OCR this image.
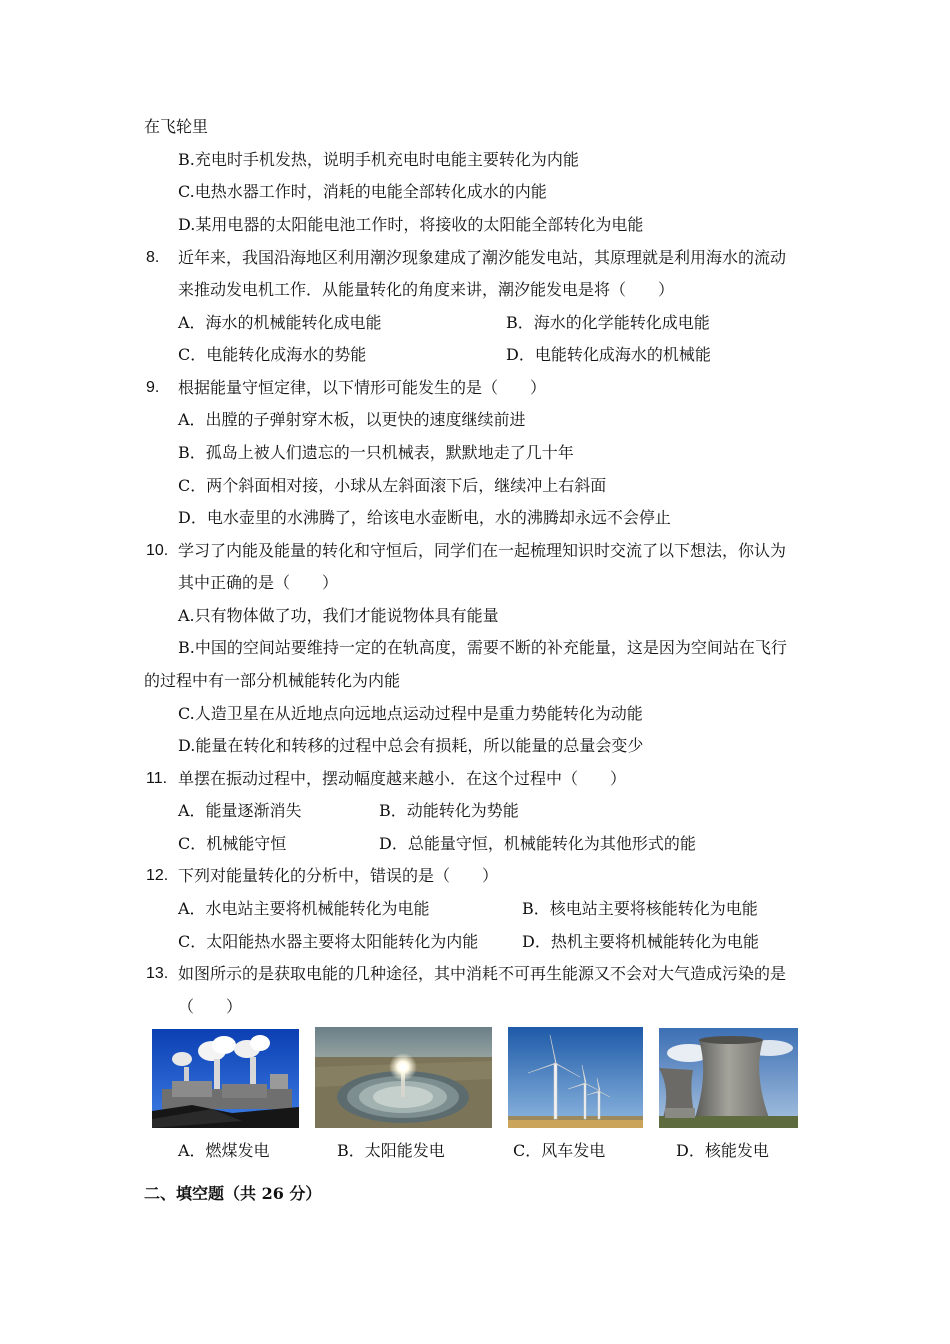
在飞轮里
B.充电时手机发热，说明手机充电时电能主要转化为内能
C.电热水器工作时，消耗的电能全部转化成水的内能
D.某用电器的太阳能电池工作时，将接收的太阳能全部转化为电能
8. 近年来，我国沿海地区利用潮汐现象建成了潮汐能发电站，其原理就是利用海水的流动
来推动发电机工作．从能量转化的角度来讲，潮汐能发电是将（　　）
A．海水的机械能转化成电能	B．海水的化学能转化成电能
C．电能转化成海水的势能	D．电能转化成海水的机械能
9. 根据能量守恒定律，以下情形可能发生的是（　　）
A．出膛的子弹射穿木板，以更快的速度继续前进
B．孤岛上被人们遗忘的一只机械表，默默地走了几十年
C．两个斜面相对接，小球从左斜面滚下后，继续冲上右斜面
D．电水壶里的水沸腾了，给该电水壶断电，水的沸腾却永远不会停止
10. 学习了内能及能量的转化和守恒后，同学们在一起梳理知识时交流了以下想法，你认为
其中正确的是（　　）
A.只有物体做了功，我们才能说物体具有能量
B.中国的空间站要维持一定的在轨高度，需要不断的补充能量，这是因为空间站在飞行
的过程中有一部分机械能转化为内能
C.人造卫星在从近地点向远地点运动过程中是重力势能转化为动能
D.能量在转化和转移的过程中总会有损耗，所以能量的总量会变少
11. 单摆在振动过程中，摆动幅度越来越小．在这个过程中（　　）
A．能量逐渐消失	B．动能转化为势能
C．机械能守恒	D．总能量守恒，机械能转化为其他形式的能
12. 下列对能量转化的分析中，错误的是（　　）
A．水电站主要将机械能转化为电能	B．核电站主要将核能转化为电能
C．太阳能热水器主要将太阳能转化为内能	D．热机主要将机械能转化为电能
13. 如图所示的是获取电能的几种途径，其中消耗不可再生能源又不会对大气造成污染的是
（　　）
A．燃煤发电	B．太阳能发电	C．风车发电	D．核能发电
二、填空题（共 26 分）
